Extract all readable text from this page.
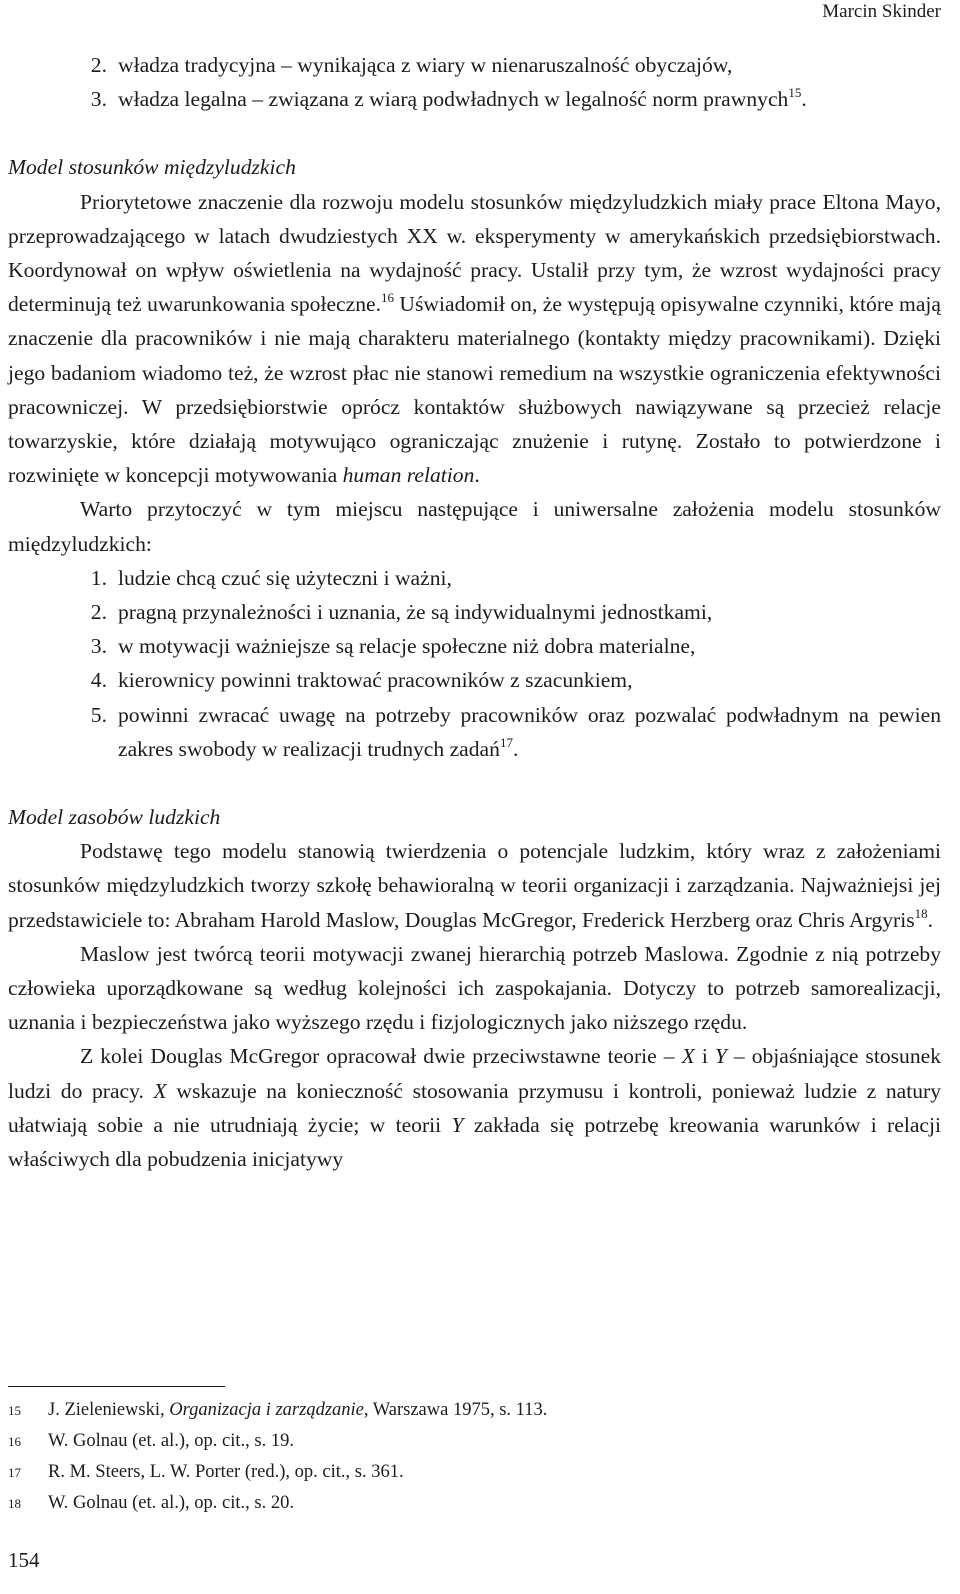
Marcin Skinder
2. władza tradycyjna – wynikająca z wiary w nienaruszalność obyczajów,
3. władza legalna – związana z wiarą podwładnych w legalność norm prawnych$^{15}$.

Model stosunków międzyludzkich

Priorytetowe znaczenie dla rozwoju modelu stosunków międzyludzkich miały prace Eltona Mayo, przeprowadzającego w latach dwudziestych XX w. eksperymenty w amerykańskich przedsiębiorstwach. Koordynował on wpływ oświetlenia na wydajność pracy. Ustalił przy tym, że wzrost wydajności pracy determinują też uwarunkowania społeczne.$^{16}$ Uświadomił on, że występują opisywalne czynniki, które mają znaczenie dla pracowników i nie mają charakteru materialnego (kontakty między pracownikami). Dzięki jego badaniom wiadomo też, że wzrost płac nie stanowi remedium na wszystkie ograniczenia efektywności pracowniczej. W przedsiębiorstwie oprócz kontaktów służbowych nawiązywane są przecież relacje towarzyskie, które działają motywująco ograniczając znużenie i rutynę. Zostało to potwierdzone i rozwinięte w koncepcji motywowania human relation.

Warto przytoczyć w tym miejscu następujące i uniwersalne założenia modelu stosunków międzyludzkich:

1. ludzie chcą czuć się użyteczni i ważni,
2. pragną przynależności i uznania, że są indywidualnymi jednostkami,
3. w motywacji ważniejsze są relacje społeczne niż dobra materialne,
4. kierownicy powinni traktować pracowników z szacunkiem,
5. powinni zwracać uwagę na potrzeby pracowników oraz pozwalać podwładnym na pewien zakres swobody w realizacji trudnych zadań$^{17}$.

Model zasobów ludzkich

Podstawę tego modelu stanowią twierdzenia o potencjale ludzkim, który wraz z założeniami stosunków międzyludzkich tworzy szkołę behawioralną w teorii organizacji i zarządzania. Najważniejsi jej przedstawiciele to: Abraham Harold Maslow, Douglas McGregor, Frederick Herzberg oraz Chris Argyris$^{18}$.

Maslow jest twórcą teorii motywacji zwanej hierarchią potrzeb Maslowa. Zgodnie z nią potrzeby człowieka uporządkowane są według kolejności ich zaspokajania. Dotyczy to potrzeb samorealizacji, uznania i bezpieczeństwa jako wyższego rzędu i fizjologicznych jako niższego rzędu.

Z kolei Douglas McGregor opracował dwie przeciwstawne teorie – X i Y – objaśniające stosunek ludzi do pracy. X wskazuje na konieczność stosowania przymusu i kontroli, ponieważ ludzie z natury ułatwiają sobie a nie utrudniają życie; w teorii Y zakłada się potrzebę kreowania warunków i relacji właściwych dla pobudzenia inicjatywy

15	J. Zieleniewski, Organizacja i zarządzanie, Warszawa 1975, s. 113.
16	W. Golnau (et. al.), op. cit., s. 19.
17	R. M. Steers, L. W. Porter (red.), op. cit., s. 361.
18	W. Golnau (et. al.), op. cit., s. 20.
154
